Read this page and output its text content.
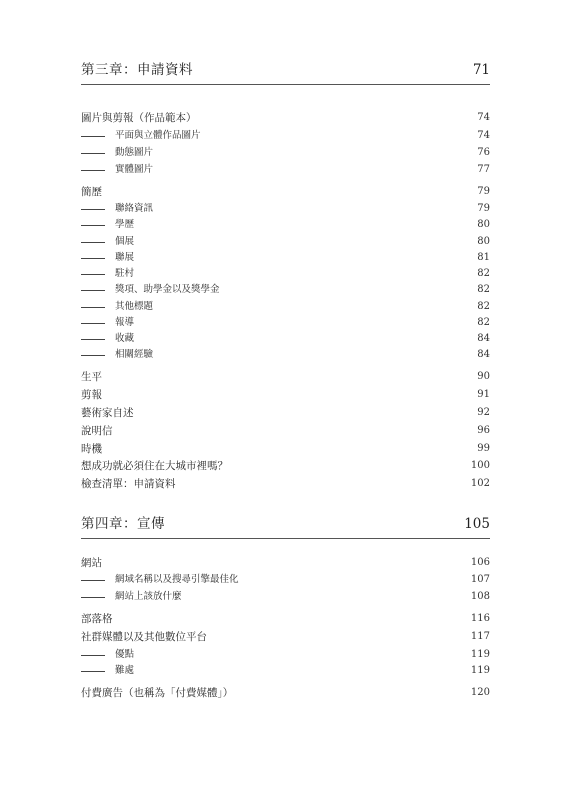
第三章：申請資料	71
圖片與剪報（作品範本）	74
平面與立體作品圖片	74
動態圖片	76
實體圖片	77
簡歷	79
聯絡資訊	79
學歷	80
個展	80
聯展	81
駐村	82
獎項、助學金以及獎學金	82
其他標題	82
報導	82
收藏	84
相關經驗	84
生平	90
剪報	91
藝術家自述	92
說明信	96
時機	99
想成功就必須住在大城市裡嗎？	100
檢查清單：申請資料	102
第四章：宣傳	105
網站	106
網域名稱以及搜尋引擎最佳化	107
網站上該放什麼	108
部落格	116
社群媒體以及其他數位平台	117
優點	119
難處	119
付費廣告（也稱為「付費媒體」）	120
